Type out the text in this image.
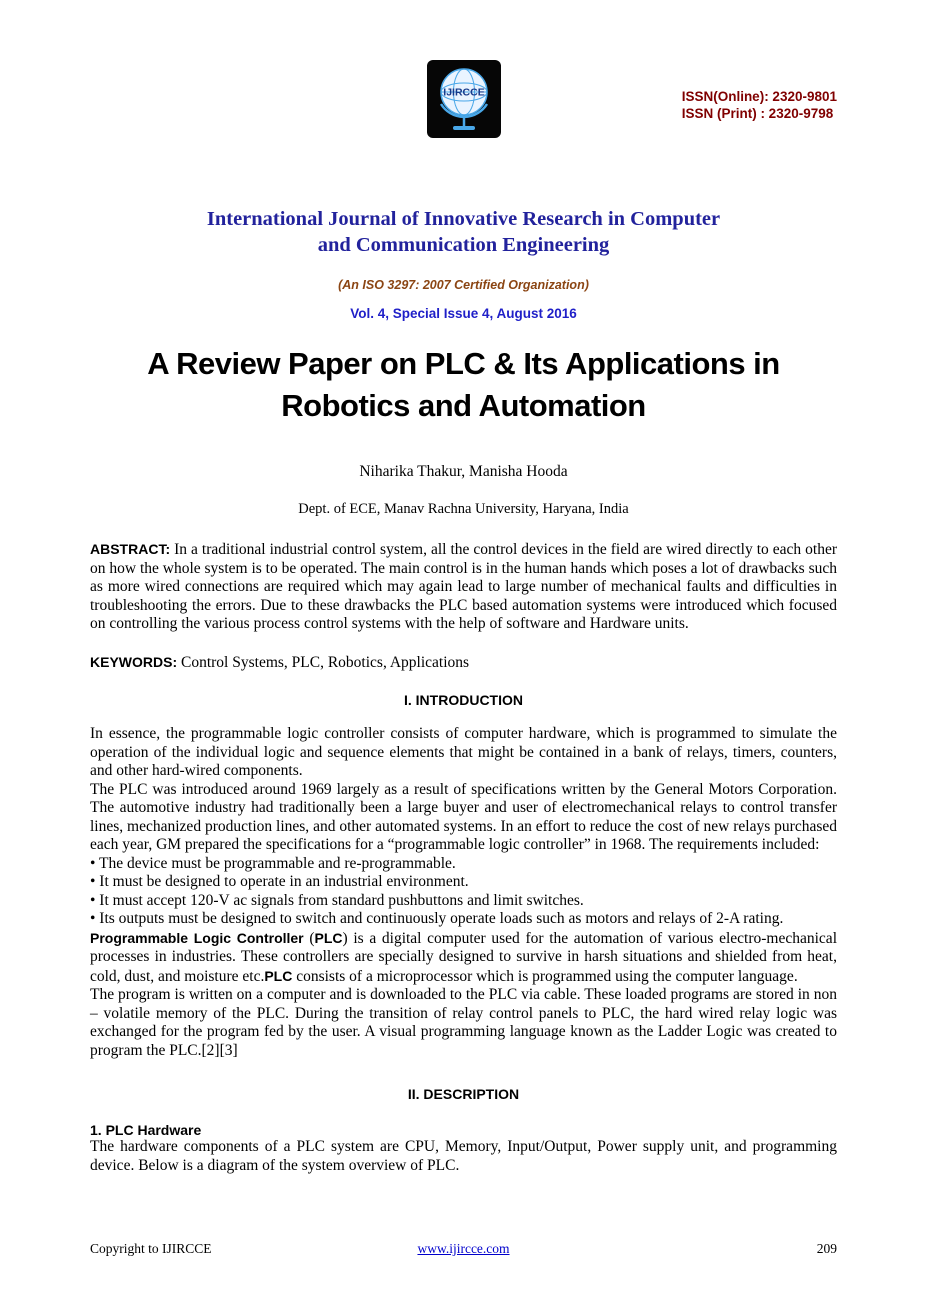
IJIRCCE	ISSN(Online): 2320-9801
ISSN (Print) : 2320-9798
International Journal of Innovative Research in Computer
and Communication Engineering
(An ISO 3297: 2007 Certified Organization)
Vol. 4, Special Issue 4, August 2016
A Review Paper on PLC & Its Applications in
Robotics and Automation
Niharika Thakur, Manisha Hooda
Dept. of ECE, Manav Rachna University, Haryana, India

ABSTRACT: In a traditional industrial control system, all the control devices in the field are wired directly to each other on how the whole system is to be operated. The main control is in the human hands which poses a lot of drawbacks such as more wired connections are required which may again lead to large number of mechanical faults and difficulties in troubleshooting the errors. Due to these drawbacks the PLC based automation systems were introduced which focused on controlling the various process control systems with the help of software and Hardware units.

KEYWORDS: Control Systems, PLC, Robotics, Applications

I. INTRODUCTION

In essence, the programmable logic controller consists of computer hardware, which is programmed to simulate the operation of the individual logic and sequence elements that might be contained in a bank of relays, timers, counters, and other hard-wired components.

The PLC was introduced around 1969 largely as a result of specifications written by the General Motors Corporation. The automotive industry had traditionally been a large buyer and user of electromechanical relays to control transfer lines, mechanized production lines, and other automated systems. In an effort to reduce the cost of new relays purchased each year, GM prepared the specifications for a “programmable logic controller” in 1968. The requirements included:

• The device must be programmable and re-programmable.

• It must be designed to operate in an industrial environment.

• It must accept 120-V ac signals from standard pushbuttons and limit switches.

• Its outputs must be designed to switch and continuously operate loads such as motors and relays of 2-A rating.

Programmable Logic Controller (PLC) is a digital computer used for the automation of various electro-mechanical processes in industries. These controllers are specially designed to survive in harsh situations and shielded from heat, cold, dust, and moisture etc.PLC consists of a microprocessor which is programmed using the computer language.

The program is written on a computer and is downloaded to the PLC via cable. These loaded programs are stored in non – volatile memory of the PLC. During the transition of relay control panels to PLC, the hard wired relay logic was exchanged for the program fed by the user. A visual programming language known as the Ladder Logic was created to program the PLC.[2][3]

II. DESCRIPTION

1. PLC Hardware

The hardware components of a PLC system are CPU, Memory, Input/Output, Power supply unit, and programming device. Below is a diagram of the system overview of PLC.

Copyright to IJIRCCE	www.ijircce.com	209
